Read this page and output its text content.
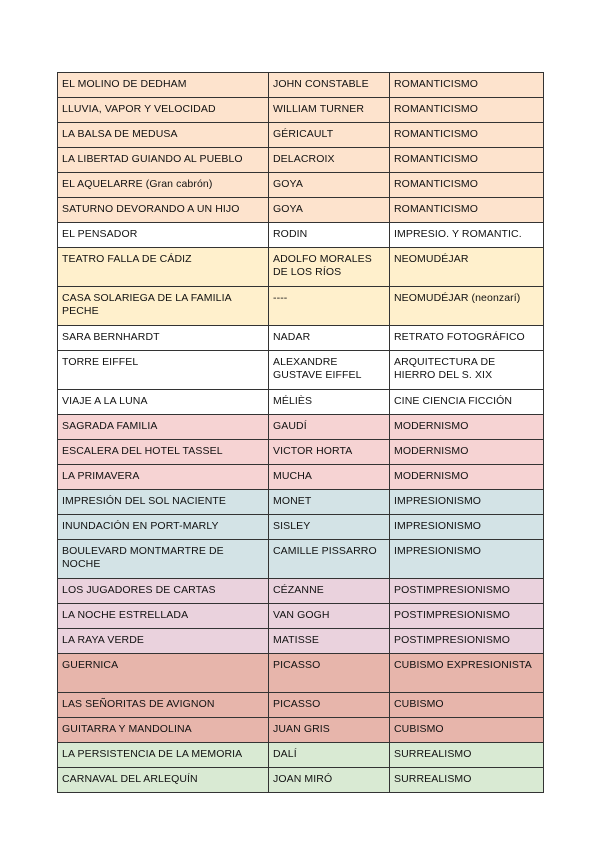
EL MOLINO DE DEDHAM	JOHN CONSTABLE	ROMANTICISMO
LLUVIA, VAPOR Y VELOCIDAD	WILLIAM TURNER	ROMANTICISMO
LA BALSA DE MEDUSA	GÉRICAULT	ROMANTICISMO
LA LIBERTAD GUIANDO AL PUEBLO	DELACROIX	ROMANTICISMO
EL AQUELARRE (Gran cabrón)	GOYA	ROMANTICISMO
SATURNO DEVORANDO A UN HIJO	GOYA	ROMANTICISMO
EL PENSADOR	RODIN	IMPRESIO. Y ROMANTIC.
TEATRO FALLA DE CÁDIZ	ADOLFO MORALES DE LOS RÍOS	NEOMUDÉJAR
CASA SOLARIEGA DE LA FAMILIA PECHE	----	NEOMUDÉJAR (neonzarí)
SARA BERNHARDT	NADAR	RETRATO FOTOGRÁFICO
TORRE EIFFEL	ALEXANDRE GUSTAVE EIFFEL	ARQUITECTURA DE HIERRO DEL S. XIX
VIAJE A LA LUNA	MÉLIÈS	CINE CIENCIA FICCIÓN
SAGRADA FAMILIA	GAUDÍ	MODERNISMO
ESCALERA DEL HOTEL TASSEL	VICTOR HORTA	MODERNISMO
LA PRIMAVERA	MUCHA	MODERNISMO
IMPRESIÓN DEL SOL NACIENTE	MONET	IMPRESIONISMO
INUNDACIÓN EN PORT-MARLY	SISLEY	IMPRESIONISMO
BOULEVARD MONTMARTRE DE NOCHE	CAMILLE PISSARRO	IMPRESIONISMO
LOS JUGADORES DE CARTAS	CÉZANNE	POSTIMPRESIONISMO
LA NOCHE ESTRELLADA	VAN GOGH	POSTIMPRESIONISMO
LA RAYA VERDE	MATISSE	POSTIMPRESIONISMO
GUERNICA	PICASSO	CUBISMO EXPRESIONISTA
LAS SEÑORITAS DE AVIGNON	PICASSO	CUBISMO
GUITARRA Y MANDOLINA	JUAN GRIS	CUBISMO
LA PERSISTENCIA DE LA MEMORIA	DALÍ	SURREALISMO
CARNAVAL DEL ARLEQUÍN	JOAN MIRÓ	SURREALISMO
